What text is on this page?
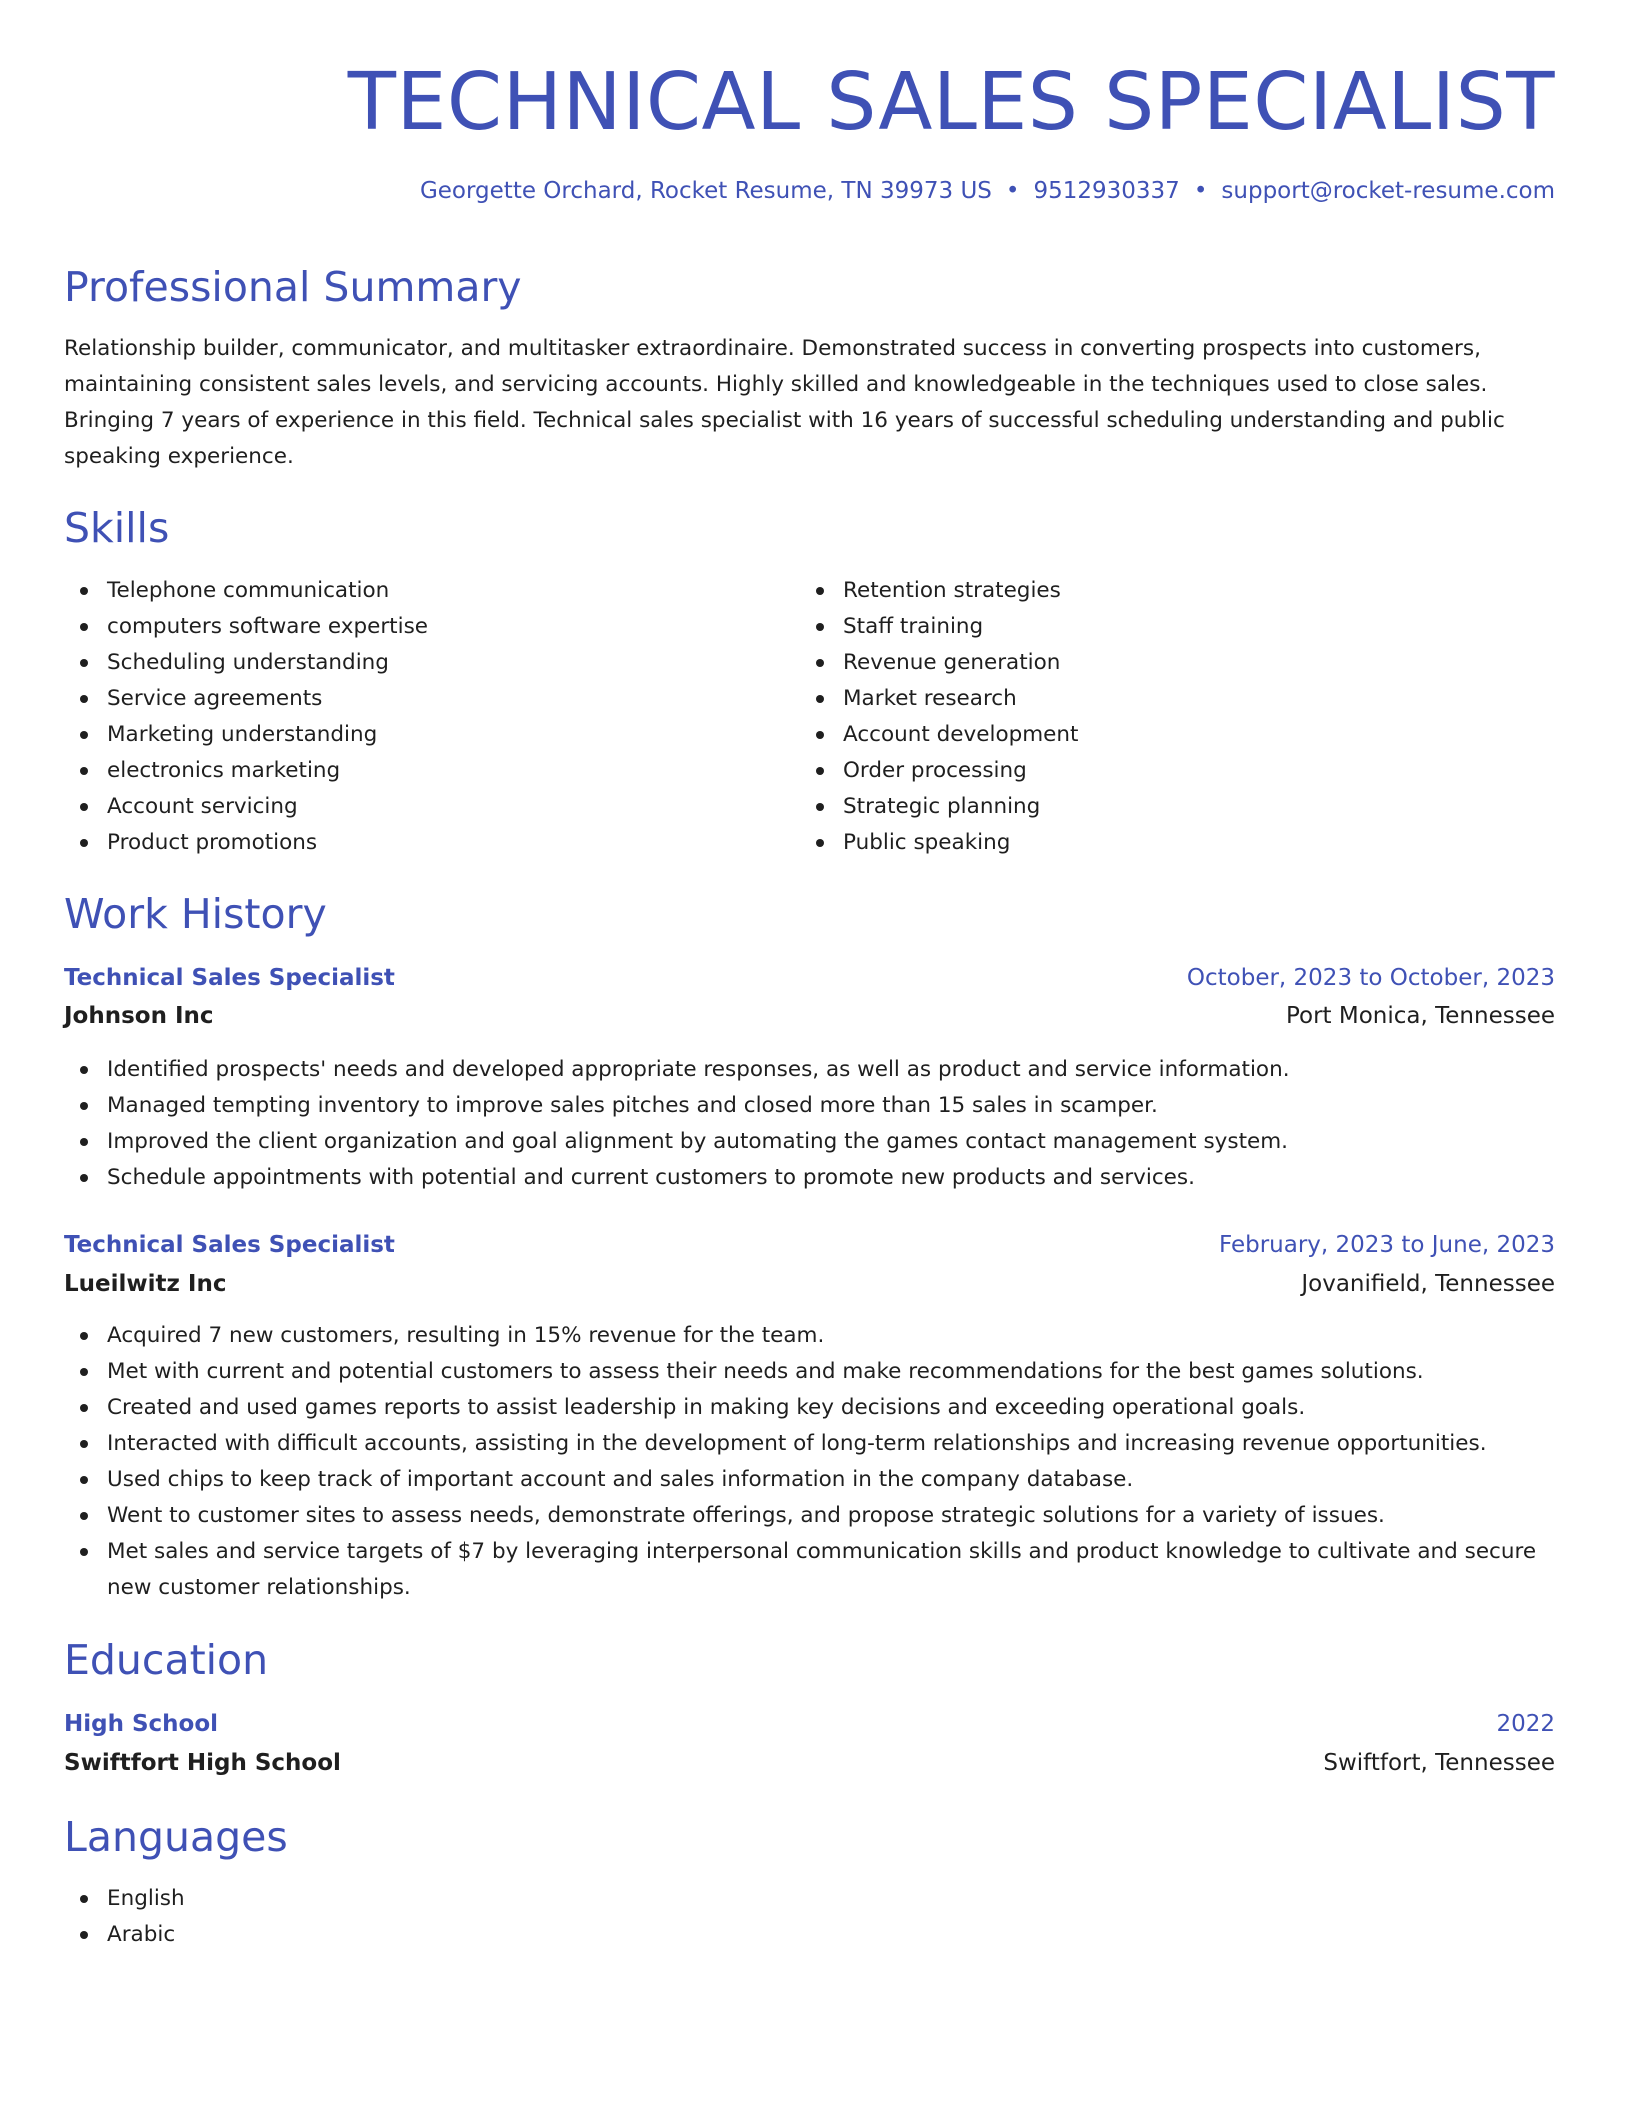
TECHNICAL SALES SPECIALIST
Georgette Orchard, Rocket Resume, TN 39973 US • 9512930337 • support@rocket-resume.com
Professional Summary

Relationship builder, communicator, and multitasker extraordinaire. Demonstrated success in converting prospects into customers, maintaining consistent sales levels, and servicing accounts. Highly skilled and knowledgeable in the techniques used to close sales. Bringing 7 years of experience in this field. Technical sales specialist with 16 years of successful scheduling understanding and public speaking experience.

Skills
Telephone communication
computers software expertise
Scheduling understanding
Service agreements
Marketing understanding
electronics marketing
Account servicing
Product promotions
Retention strategies
Staff training
Revenue generation
Market research
Account development
Order processing
Strategic planning
Public speaking
Work History
Technical Sales Specialist	October, 2023 to October, 2023
Johnson Inc	Port Monica, Tennessee
Identified prospects' needs and developed appropriate responses, as well as product and service information.
Managed tempting inventory to improve sales pitches and closed more than 15 sales in scamper.
Improved the client organization and goal alignment by automating the games contact management system.
Schedule appointments with potential and current customers to promote new products and services.
Technical Sales Specialist	February, 2023 to June, 2023
Lueilwitz Inc	Jovanifield, Tennessee
Acquired 7 new customers, resulting in 15% revenue for the team.
Met with current and potential customers to assess their needs and make recommendations for the best games solutions.
Created and used games reports to assist leadership in making key decisions and exceeding operational goals.
Interacted with difficult accounts, assisting in the development of long-term relationships and increasing revenue opportunities.
Used chips to keep track of important account and sales information in the company database.
Went to customer sites to assess needs, demonstrate offerings, and propose strategic solutions for a variety of issues.
Met sales and service targets of $7 by leveraging interpersonal communication skills and product knowledge to cultivate and secure new customer relationships.
Education
High School	2022
Swiftfort High School	Swiftfort, Tennessee
Languages
English
Arabic
